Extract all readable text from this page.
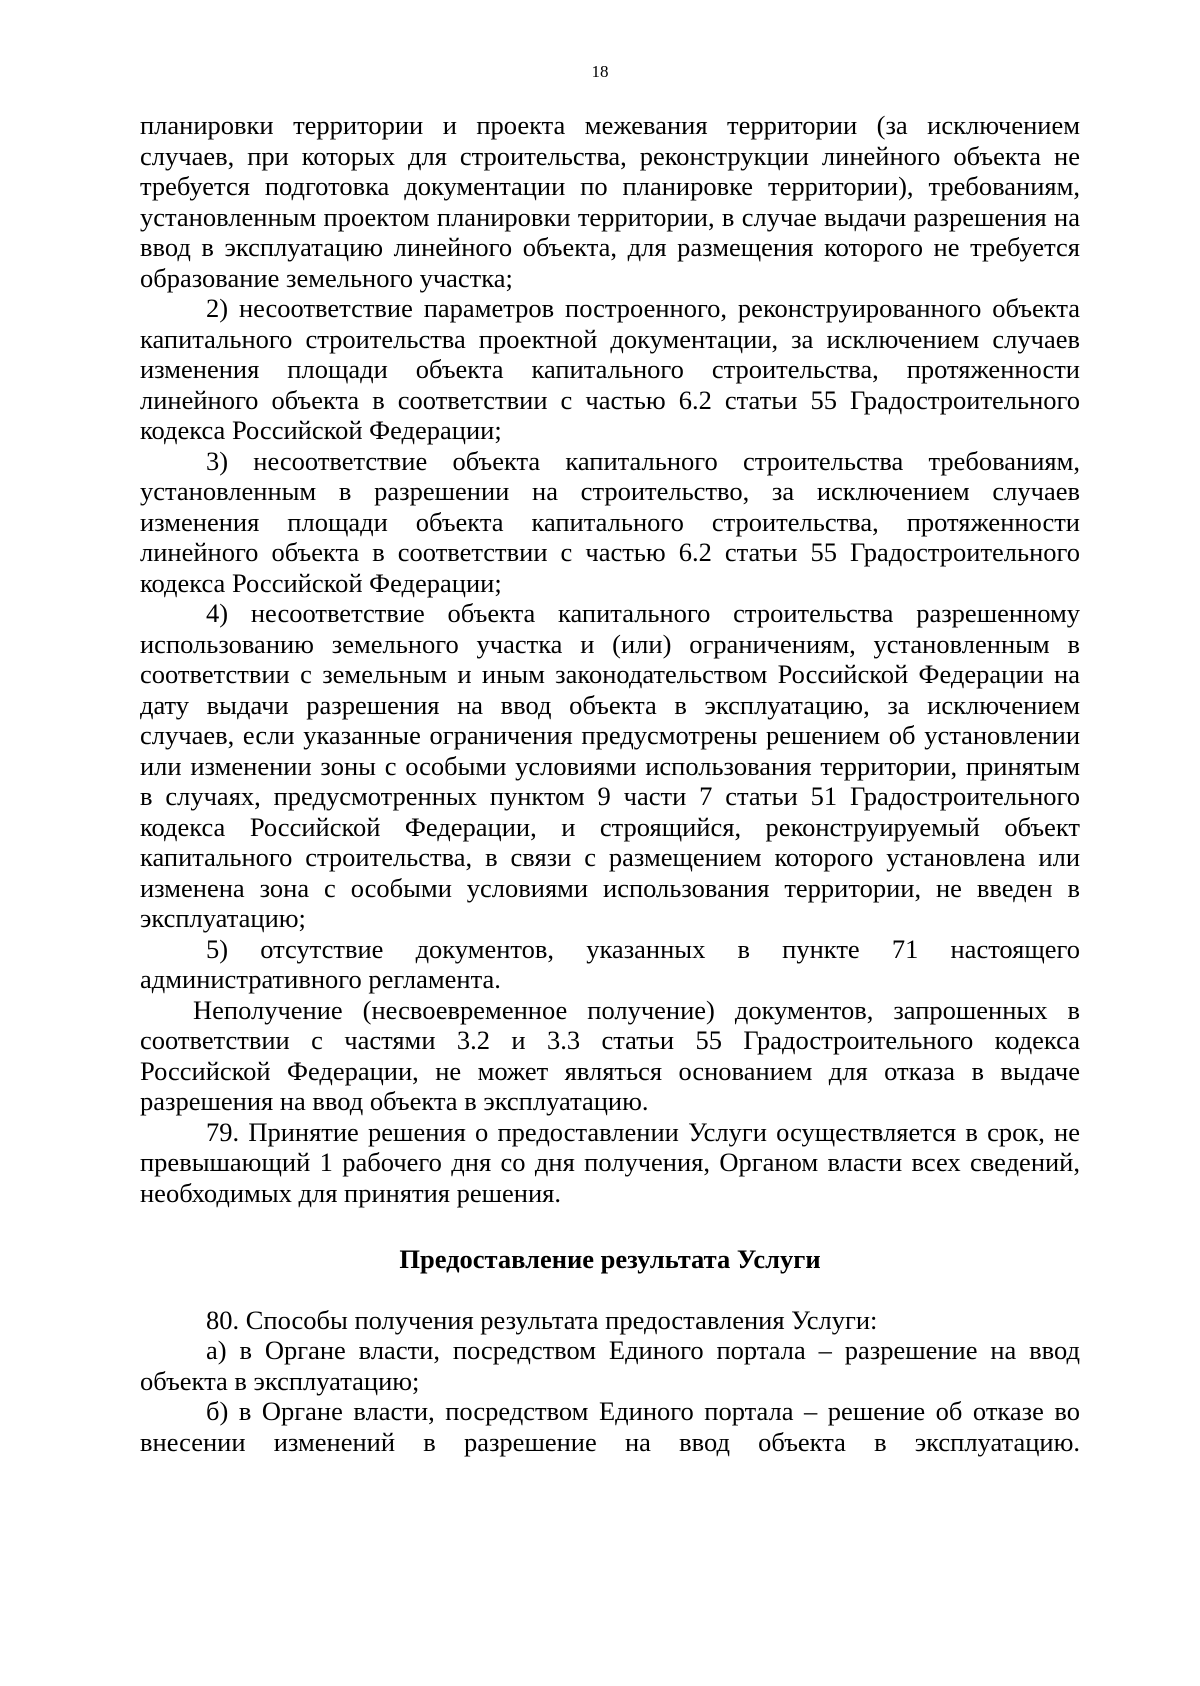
18

планировки территории и проекта межевания территории (за исключением случаев, при которых для строительства, реконструкции линейного объекта не требуется подготовка документации по планировке территории), требованиям, установленным проектом планировки территории, в случае выдачи разрешения на ввод в эксплуатацию линейного объекта, для размещения которого не требуется образование земельного участка;

2) несоответствие параметров построенного, реконструированного объекта капитального строительства проектной документации, за исключением случаев изменения площади объекта капитального строительства, протяженности линейного объекта в соответствии с частью 6.2 статьи 55 Градостроительного кодекса Российской Федерации;

3) несоответствие объекта капитального строительства требованиям, установленным в разрешении на строительство, за исключением случаев изменения площади объекта капитального строительства, протяженности линейного объекта в соответствии с частью 6.2 статьи 55 Градостроительного кодекса Российской Федерации;

4) несоответствие объекта капитального строительства разрешенному использованию земельного участка и (или) ограничениям, установленным в соответствии с земельным и иным законодательством Российской Федерации на дату выдачи разрешения на ввод объекта в эксплуатацию, за исключением случаев, если указанные ограничения предусмотрены решением об установлении или изменении зоны с особыми условиями использования территории, принятым в случаях, предусмотренных пунктом 9 части 7 статьи 51 Градостроительного кодекса Российской Федерации, и строящийся, реконструируемый объект капитального строительства, в связи с размещением которого установлена или изменена зона с особыми условиями использования территории, не введен в эксплуатацию;

5) отсутствие документов, указанных в пункте 71 настоящего административного регламента.

Неполучение (несвоевременное получение) документов, запрошенных в соответствии с частями 3.2 и 3.3 статьи 55 Градостроительного кодекса Российской Федерации, не может являться основанием для отказа в выдаче разрешения на ввод объекта в эксплуатацию.

79. Принятие решения о предоставлении Услуги осуществляется в срок, не превышающий 1 рабочего дня со дня получения, Органом власти всех сведений, необходимых для принятия решения.

Предоставление результата Услуги

80. Способы получения результата предоставления Услуги:

а) в Органе власти, посредством Единого портала – разрешение на ввод объекта в эксплуатацию;

б) в Органе власти, посредством Единого портала – решение об отказе во внесении изменений в разрешение на ввод объекта в эксплуатацию.
